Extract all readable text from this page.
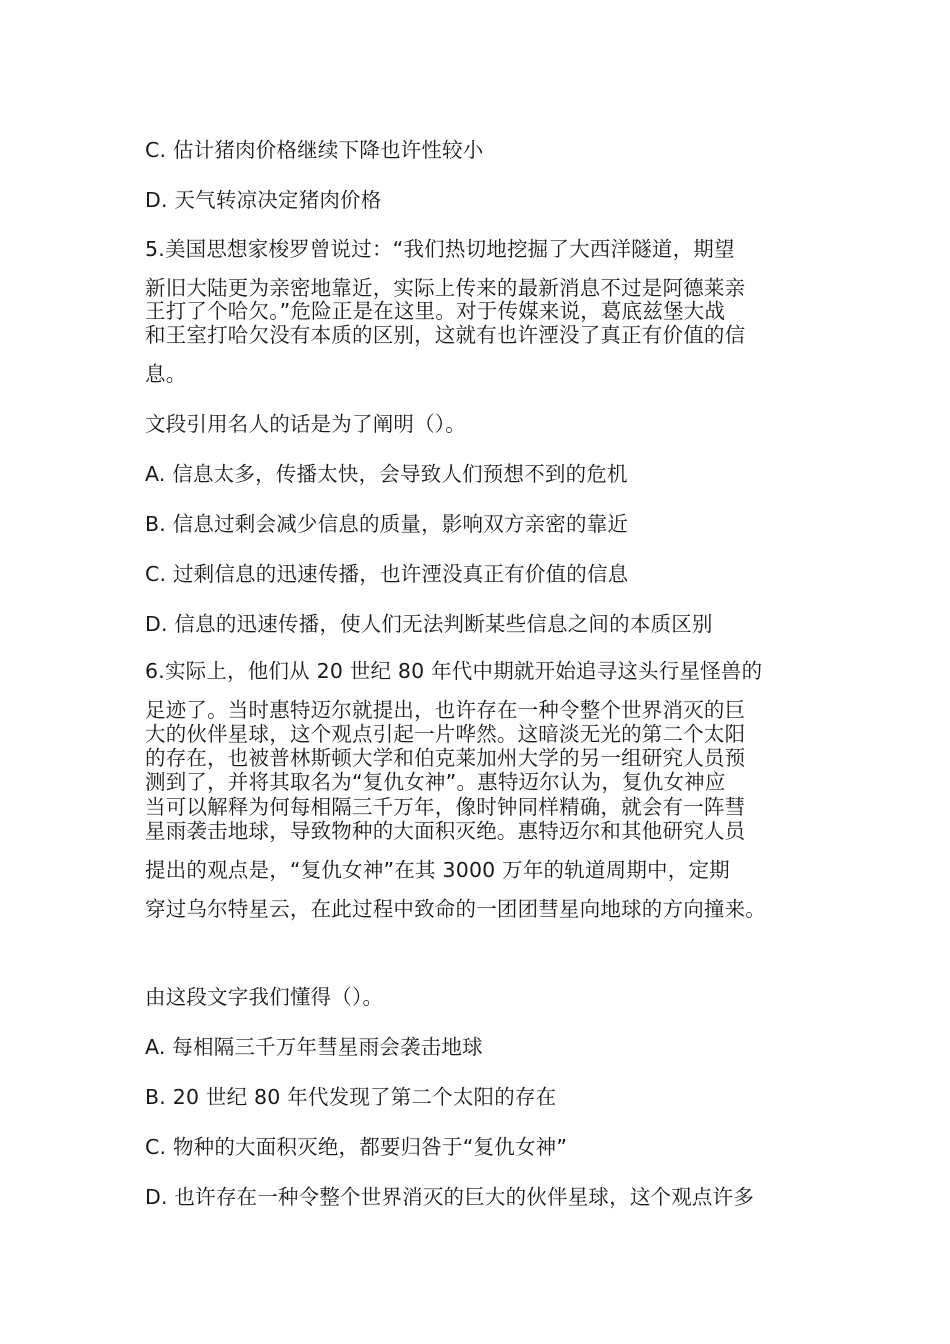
C. 估计猪肉价格继续下降也许性较小
D. 天气转凉决定猪肉价格
5.美国思想家梭罗曾说过：“我们热切地挖掘了大西洋隧道，期望
新旧大陆更为亲密地靠近，实际上传来的最新消息不过是阿德莱亲
王打了个哈欠。”危险正是在这里。对于传媒来说，葛底兹堡大战
和王室打哈欠没有本质的区别，这就有也许湮没了真正有价值的信
息。
文段引用名人的话是为了阐明（）。
A. 信息太多，传播太快，会导致人们预想不到的危机
B. 信息过剩会减少信息的质量，影响双方亲密的靠近
C. 过剩信息的迅速传播，也许湮没真正有价值的信息
D. 信息的迅速传播，使人们无法判断某些信息之间的本质区别
6.实际上，他们从 20 世纪 80 年代中期就开始追寻这头行星怪兽的
足迹了。当时惠特迈尔就提出，也许存在一种令整个世界消灭的巨
大的伙伴星球，这个观点引起一片哗然。这暗淡无光的第二个太阳
的存在，也被普林斯顿大学和伯克莱加州大学的另一组研究人员预
测到了，并将其取名为“复仇女神”。惠特迈尔认为，复仇女神应
当可以解释为何每相隔三千万年，像时钟同样精确，就会有一阵彗
星雨袭击地球，导致物种的大面积灭绝。惠特迈尔和其他研究人员
提出的观点是，“复仇女神”在其 3000 万年的轨道周期中，定期
穿过乌尔特星云，在此过程中致命的一团团彗星向地球的方向撞来。
由这段文字我们懂得（）。
A. 每相隔三千万年彗星雨会袭击地球
B. 20 世纪 80 年代发现了第二个太阳的存在
C. 物种的大面积灭绝，都要归咎于“复仇女神”
D. 也许存在一种令整个世界消灭的巨大的伙伴星球，这个观点许多
